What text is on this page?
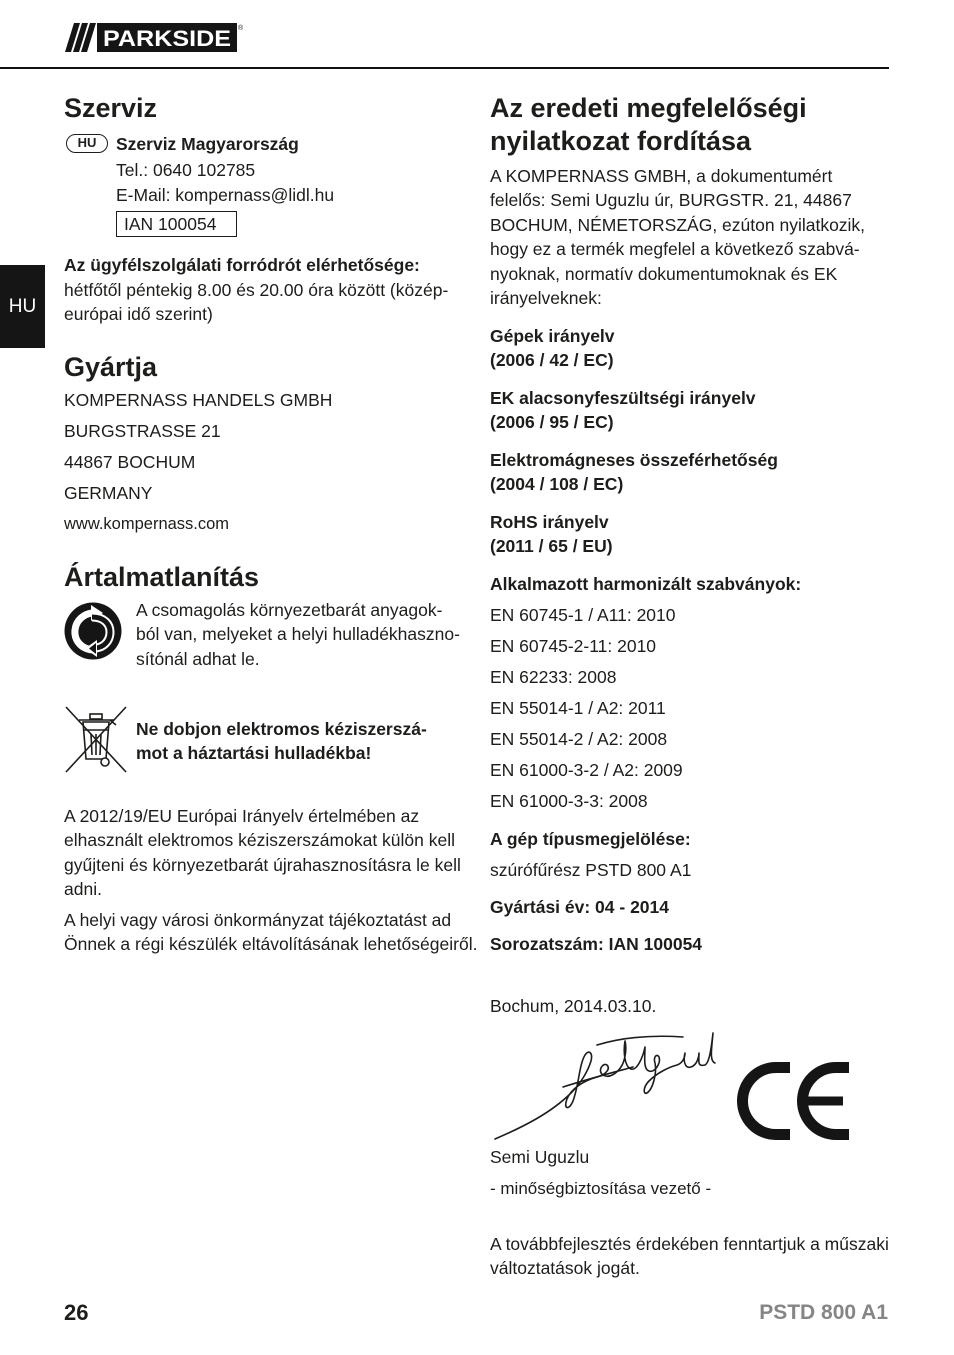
PARKSIDE ®
HU
Szerviz
HU	Szerviz Magyarország
Tel.: 0640 102785
E-Mail: kompernass@lidl.hu
IAN 100054
Az ügyfélszolgálati forródrót elérhetősége:
hétfőtől péntekig 8.00 és 20.00 óra között (közép-
európai idő szerint)
Gyártja
KOMPERNASS HANDELS GMBH
BURGSTRASSE 21
44867 BOCHUM
GERMANY
www.kompernass.com
Ártalmatlanítás
A csomagolás környezetbarát anyagok-
ból van, melyeket a helyi hulladékhaszno-
sítónál adhat le.
Ne dobjon elektromos kéziszerszá-
mot a háztartási hulladékba!
A 2012/19/EU Európai Irányelv értelmében az
elhasznált elektromos kéziszerszámokat külön kell
gyűjteni és környezetbarát újrahasznosításra le kell
adni.
A helyi vagy városi önkormányzat tájékoztatást ad
Önnek a régi készülék eltávolításának lehetőségeiről.
Az eredeti megfelelőségi
nyilatkozat fordítása
A KOMPERNASS GMBH, a dokumentumért
felelős: Semi Uguzlu úr, BURGSTR. 21, 44867
BOCHUM, NÉMETORSZÁG, ezúton nyilatkozik,
hogy ez a termék megfelel a következő szabvá-
nyoknak, normatív dokumentumoknak és EK
irányelveknek:
Gépek irányelv
(2006 / 42 / EC)
EK alacsonyfeszültségi irányelv
(2006 / 95 / EC)
Elektromágneses összeférhetőség
(2004 / 108 / EC)
RoHS irányelv
(2011 / 65 / EU)
Alkalmazott harmonizált szabványok:
EN 60745-1 / A11: 2010
EN 60745-2-11: 2010
EN 62233: 2008
EN 55014-1 / A2: 2011
EN 55014-2 / A2: 2008
EN 61000-3-2 / A2: 2009
EN 61000-3-3: 2008
A gép típusmegjelölése:
szúrófűrész PSTD 800 A1
Gyártási év: 04 - 2014
Sorozatszám: IAN 100054
Bochum, 2014.03.10.
Semi Uguzlu
- minőségbiztosítása vezető -
A továbbfejlesztés érdekében fenntartjuk a műszaki
változtatások jogát.
26	PSTD 800 A1
